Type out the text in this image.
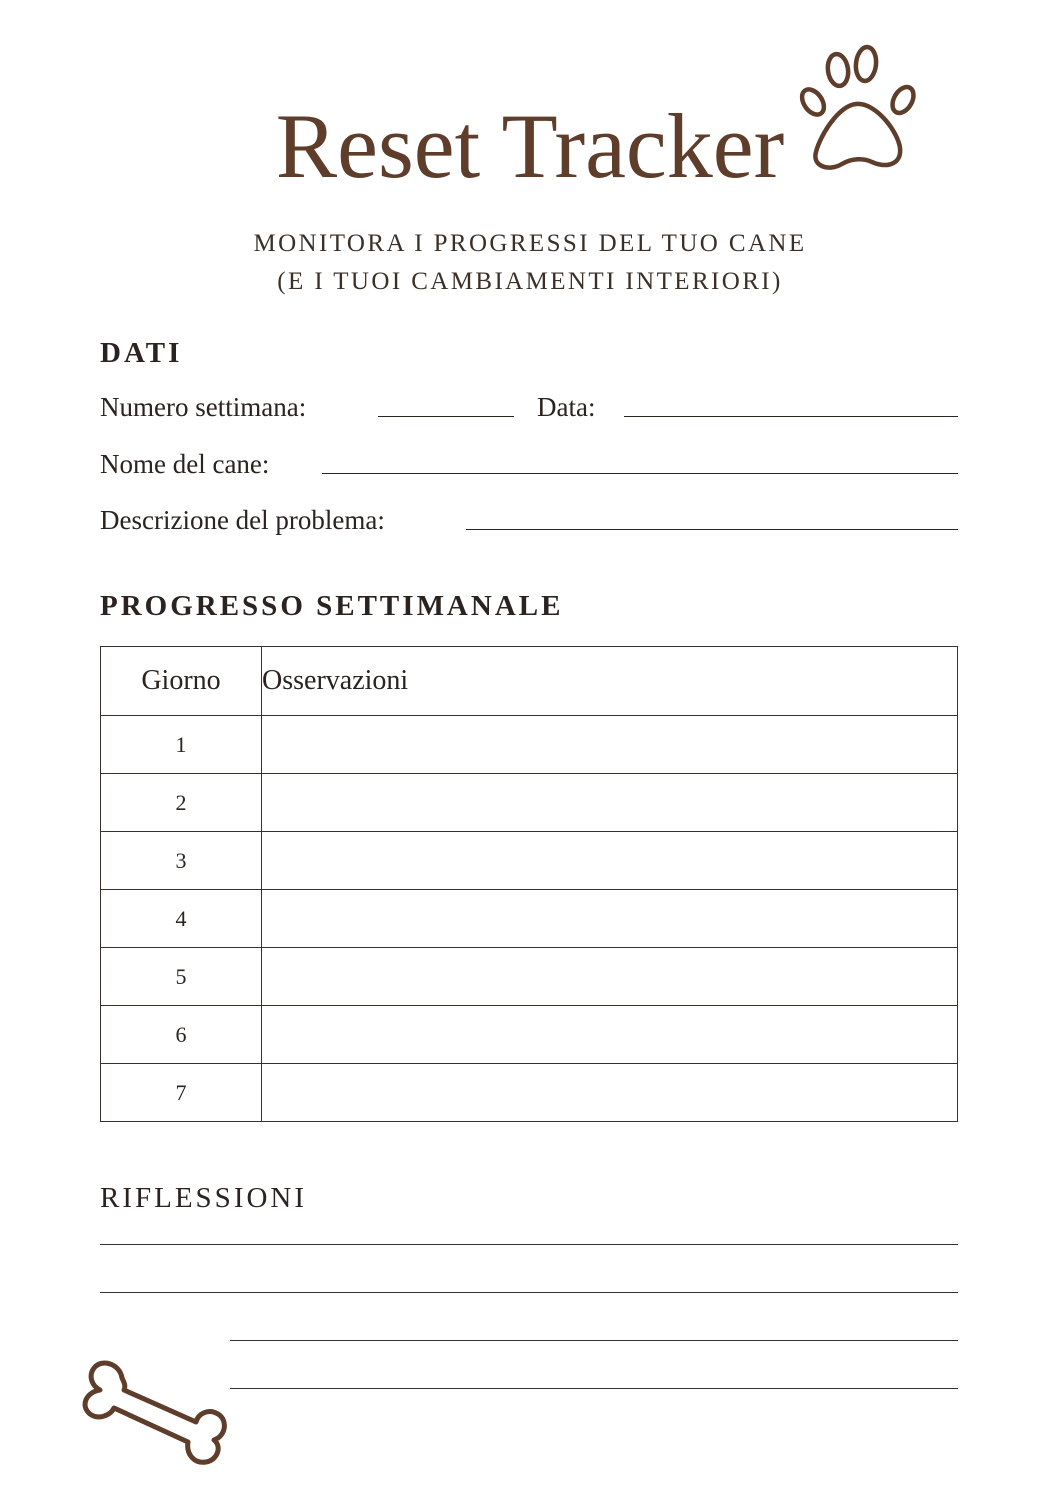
Reset Tracker
MONITORA I PROGRESSI DEL TUO CANE
(E I TUOI CAMBIAMENTI INTERIORI)
DATI
Numero settimana:	Data:
Nome del cane:
Descrizione del problema:
PROGRESSO SETTIMANALE
Giorno	Osservazioni
1	
2	
3	
4	
5	
6	
7	
RIFLESSIONI
